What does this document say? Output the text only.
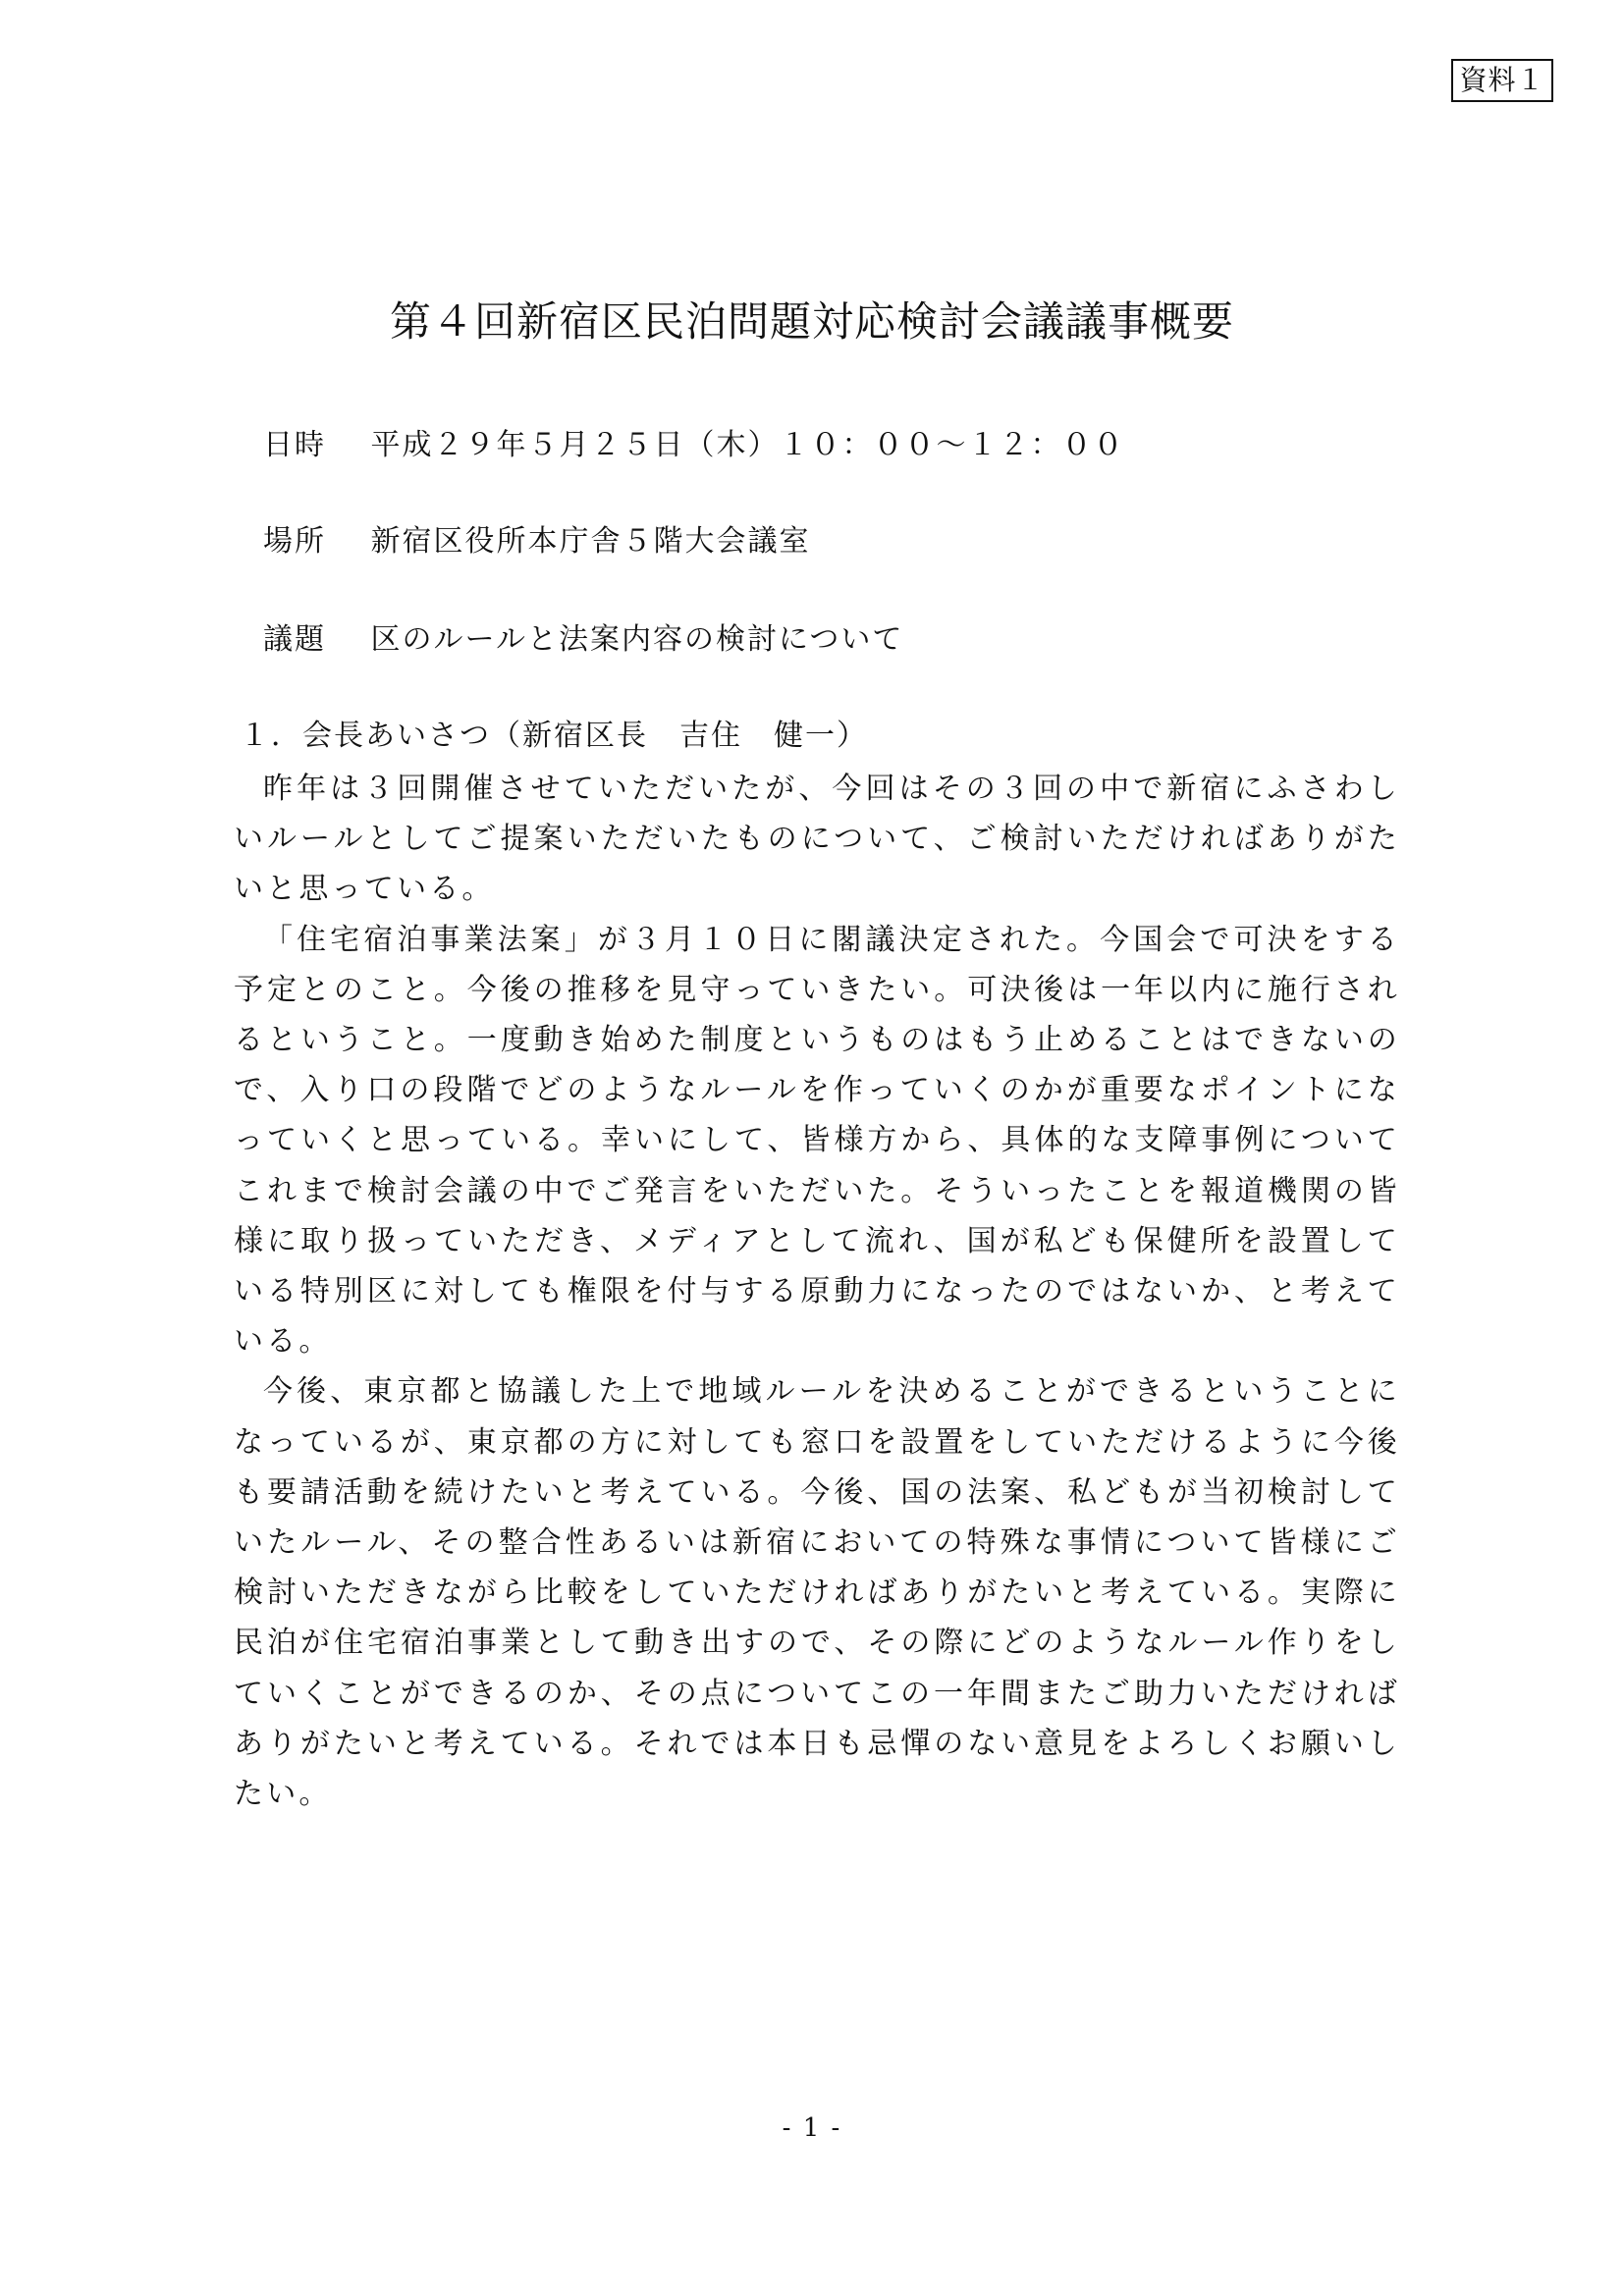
資料１
第４回新宿区民泊問題対応検討会議議事概要
日時 平成２９年５月２５日（木）１０：００～１２：００
場所 新宿区役所本庁舎５階大会議室
議題 区のルールと法案内容の検討について
１．会長あいさつ（新宿区長　吉住　健一）

昨年は３回開催させていただいたが、今回はその３回の中で新宿にふさわしいルールとしてご提案いただいたものについて、ご検討いただければありがたいと思っている。

「住宅宿泊事業法案」が３月１０日に閣議決定された。今国会で可決をする予定とのこと。今後の推移を見守っていきたい。可決後は一年以内に施行されるということ。一度動き始めた制度というものはもう止めることはできないので、入り口の段階でどのようなルールを作っていくのかが重要なポイントになっていくと思っている。幸いにして、皆様方から、具体的な支障事例についてこれまで検討会議の中でご発言をいただいた。そういったことを報道機関の皆様に取り扱っていただき、メディアとして流れ、国が私ども保健所を設置している特別区に対しても権限を付与する原動力になったのではないか、と考えている。

今後、東京都と協議した上で地域ルールを決めることができるということになっているが、東京都の方に対しても窓口を設置をしていただけるように今後も要請活動を続けたいと考えている。今後、国の法案、私どもが当初検討していたルール、その整合性あるいは新宿においての特殊な事情について皆様にご検討いただきながら比較をしていただければありがたいと考えている。実際に民泊が住宅宿泊事業として動き出すので、その際にどのようなルール作りをしていくことができるのか、その点についてこの一年間またご助力いただければありがたいと考えている。それでは本日も忌憚のない意見をよろしくお願いしたい。

- 1 -
